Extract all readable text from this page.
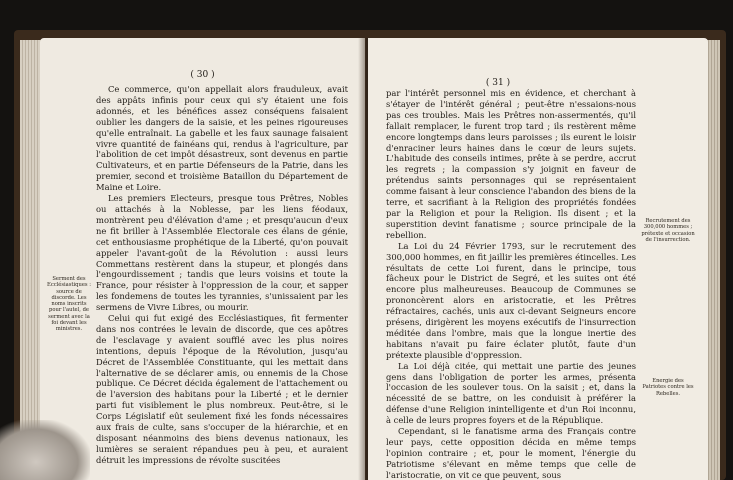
( 30 )

Ce commerce, qu'on appellait alors frauduleux, avait des appâts infinis pour ceux qui s'y étaient une fois adonnés, et les bénéfices assez conséquens faisaient oublier les dangers de la saisie, et les peines rigoureuses qu'elle entraînait. La gabelle et les faux saunage faisaient vivre quantité de fainéans qui, rendus à l'agriculture, par l'abolition de cet impôt désastreux, sont devenus en partie Cultivateurs, et en partie Défenseurs de la Patrie, dans les premier, second et troisième Bataillon du Département de Maine et Loire.

Les premiers Electeurs, presque tous Prêtres, Nobles ou attachés à la Noblesse, par les liens féodaux, montrèrent peu d'élévation d'ame ; et presqu'aucun d'eux ne fit briller à l'Assemblée Electorale ces élans de génie, cet enthousiasme prophétique de la Liberté, qu'on pouvait appeler l'avant-goût de la Révolution : aussi leurs Commettans restèrent dans la stupeur, et plongés dans l'engourdissement ; tandis que leurs voisins et toute la France, pour résister à l'oppression de la cour, et sapper les fondemens de toutes les tyrannies, s'unissaient par les sermens de Vivre Libres, ou mourir.

Celui qui fut exigé des Ecclésiastiques, fit fermenter dans nos contrées le levain de discorde, que ces apôtres de l'esclavage y avaient soufflé avec les plus noires intentions, depuis l'époque de la Révolution, jusqu'au Décret de l'Assemblée Constituante, qui les mettait dans l'alternative de se déclarer amis, ou ennemis de la Chose publique. Ce Décret décida également de l'attachement ou de l'aversion des habitans pour la Liberté ; et le dernier parti fut visiblement le plus nombreux. Peut-être, si le Corps Législatif eût seulement fixé les fonds nécessaires aux frais de culte, sans s'occuper de la hiérarchie, et en disposant néanmoins des biens devenus nationaux, les lumières se seraient répandues peu à peu, et auraient détruit les impressions de révolte suscitées

Serment des Ecclésiastiques : source de discorde. Les noms inscrits pour l'autel, de serment avec la foi devant les ministres.
( 31 )

par l'intérêt personnel mis en évidence, et cherchant à s'étayer de l'intérêt général ; peut-être n'essaions-nous pas ces troubles. Mais les Prêtres non-assermentés, qu'il fallait remplacer, le furent trop tard ; ils restèrent même encore longtemps dans leurs paroisses ; ils eurent le loisir d'enraciner leurs haines dans le cœur de leurs sujets. L'habitude des conseils intimes, prête à se perdre, accrut les regrets ; la compassion s'y joignit en faveur de prétendus saints personnages qui se représentaient comme faisant à leur conscience l'abandon des biens de la terre, et sacrifiant à la Religion des propriétés fondées par la Religion et pour la Religion. Ils disent ; et la superstition devint fanatisme ; source principale de la rebellion.

La Loi du 24 Février 1793, sur le recrutement des 300,000 hommes, en fit jaillir les premières étincelles. Les résultats de cette Loi furent, dans le principe, tous fâcheux pour le District de Segré, et les suites ont été encore plus malheureuses. Beaucoup de Communes se prononcèrent alors en aristocratie, et les Prêtres réfractaires, cachés, unis aux ci-devant Seigneurs encore présens, dirigèrent les moyens exécutifs de l'insurrection méditée dans l'ombre, mais que la longue inertie des habitans n'avait pu faire éclater plutôt, faute d'un prétexte plausible d'oppression.

La Loi déjà citée, qui mettait une partie des jeunes gens dans l'obligation de porter les armes, présenta l'occasion de les soulever tous. On la saisit ; et, dans la nécessité de se battre, on les conduisit à préférer la défense d'une Religion inintelligente et d'un Roi inconnu, à celle de leurs propres foyers et de la République.

Cependant, si le fanatisme arma des Français contre leur pays, cette opposition décida en même temps l'opinion contraire ; et, pour le moment, l'énergie du Patriotisme s'élevant en même temps que celle de l'aristocratie, on vit ce que peuvent, sous

Recrutement des 300,000 hommes ; prétexte et occasion de l'insurrection.
Energie des Patriotes contre les Rebelles.
